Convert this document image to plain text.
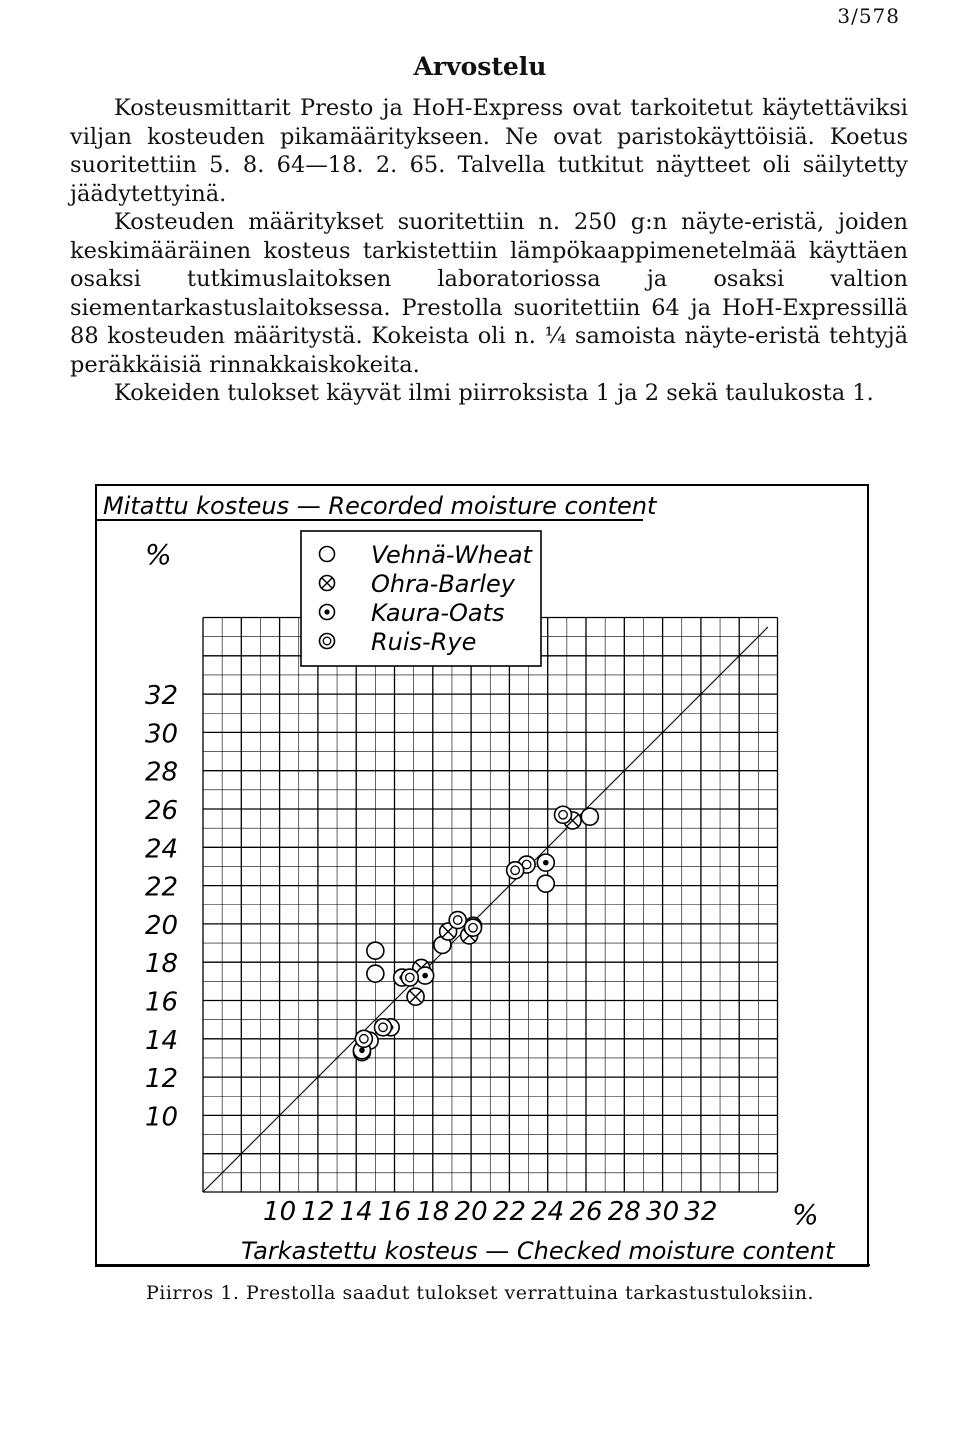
3/578
Arvostelu

Kosteusmittarit Presto ja HoH-Express ovat tarkoitetut käytettäviksi viljan kosteuden pikamääritykseen. Ne ovat paristokäyttöisiä. Koetus suoritettiin 5. 8. 64—18. 2. 65. Talvella tutkitut näytteet oli säilytetty jäädytettyinä.

Kosteuden määritykset suoritettiin n. 250 g:n näyte-eristä, joiden keskimääräinen kosteus tarkistettiin lämpökaappimenetelmää käyttäen osaksi tutkimuslaitoksen laboratoriossa ja osaksi valtion siementarkastuslaitoksessa. Prestolla suoritettiin 64 ja HoH-Expressillä 88 kosteuden määritystä. Kokeista oli n. ¼ samoista näyte-eristä tehtyjä peräkkäisiä rinnakkaiskokeita.

Kokeiden tulokset käyvät ilmi piirroksista 1 ja 2 sekä taulukosta 1.

32
30
28
26
24
22
20
18
16
14
12
10
10 12 14 16 18 20 22 24 26 28 30 32
Mitattu kosteus — Recorded moisture content
%	Vehnä-Wheat
Ohra-Barley
Kaura-Oats
Ruis-Rye
%
Tarkastettu kosteus — Checked moisture content
Piirros 1. Prestolla saadut tulokset verrattuina tarkastustuloksiin.
